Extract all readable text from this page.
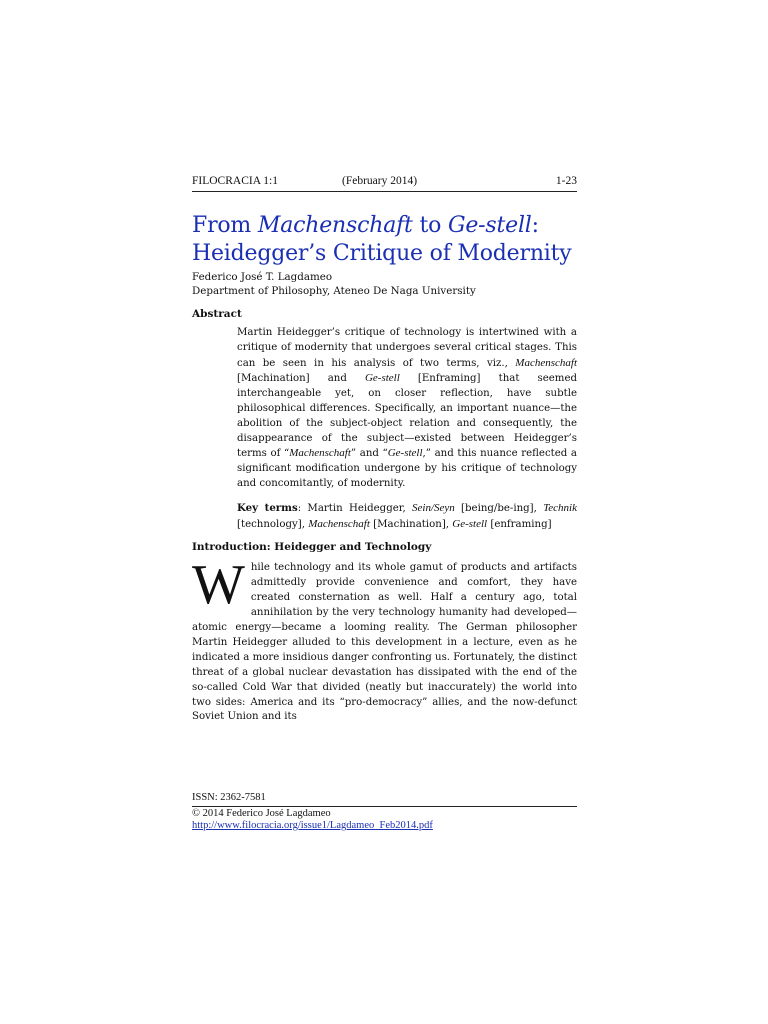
FILOCRACIA 1:1	(February 2014)	1-23
From Machenschaft to Ge-stell:
Heidegger’s Critique of Modernity
Federico José T. Lagdameo
Department of Philosophy, Ateneo De Naga University
Abstract
Martin Heidegger’s critique of technology is intertwined with a critique of modernity that undergoes several critical stages. This can be seen in his analysis of two terms, viz., Machenschaft [Machination] and Ge-stell [Enframing] that seemed interchangeable yet, on closer reflection, have subtle philosophical differences. Specifically, an important nuance—the abolition of the subject-object relation and consequently, the disappearance of the subject—existed between Heidegger’s terms of “Machenschaft” and “Ge-stell,” and this nuance reflected a significant modification undergone by his critique of technology and concomitantly, of modernity.
Key terms: Martin Heidegger, Sein/Seyn [being/be-ing], Technik [technology], Machenschaft [Machination], Ge-stell [enframing]
Introduction: Heidegger and Technology
While technology and its whole gamut of products and artifacts admittedly provide convenience and comfort, they have created consternation as well. Half a century ago, total annihilation by the very technology humanity had developed—atomic energy—became a looming reality. The German philosopher Martin Heidegger alluded to this development in a lecture, even as he indicated a more insidious danger confronting us. Fortunately, the distinct threat of a global nuclear devastation has dissipated with the end of the so-called Cold War that divided (neatly but inaccurately) the world into two sides: America and its “pro-democracy” allies, and the now-defunct Soviet Union and its
ISSN: 2362-7581
© 2014 Federico José Lagdameo
http://www.filocracia.org/issue1/Lagdameo_Feb2014.pdf
